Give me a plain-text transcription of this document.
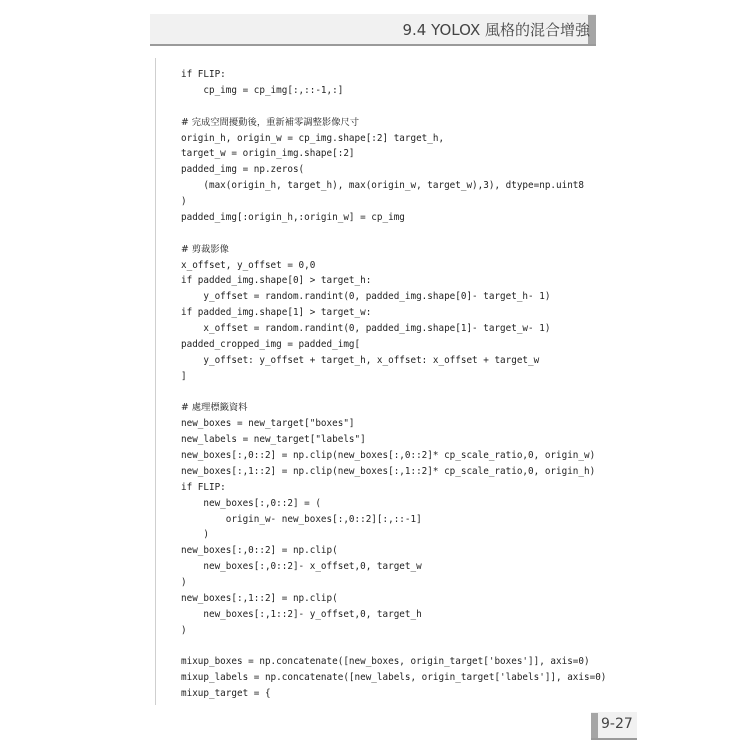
9.4 YOLOX 風格的混合增強
if FLIP:
cp_img = cp_img[:,::-1,:]
# 完成空間擾動後，重新補零調整影像尺寸
origin_h, origin_w = cp_img.shape[:2] target_h,
target_w = origin_img.shape[:2]
padded_img = np.zeros(
(max(origin_h, target_h), max(origin_w, target_w),3), dtype=np.uint8
)
padded_img[:origin_h,:origin_w] = cp_img
# 剪裁影像
x_offset, y_offset = 0,0
if padded_img.shape[0] > target_h:
y_offset = random.randint(0, padded_img.shape[0]- target_h- 1)
if padded_img.shape[1] > target_w:
x_offset = random.randint(0, padded_img.shape[1]- target_w- 1)
padded_cropped_img = padded_img[
y_offset: y_offset + target_h, x_offset: x_offset + target_w
]
# 處理標籤資料
new_boxes = new_target["boxes"]
new_labels = new_target["labels"]
new_boxes[:,0::2] = np.clip(new_boxes[:,0::2]* cp_scale_ratio,0, origin_w)
new_boxes[:,1::2] = np.clip(new_boxes[:,1::2]* cp_scale_ratio,0, origin_h)
if FLIP:
new_boxes[:,0::2] = (
origin_w- new_boxes[:,0::2][:,::-1]
)
new_boxes[:,0::2] = np.clip(
new_boxes[:,0::2]- x_offset,0, target_w
)
new_boxes[:,1::2] = np.clip(
new_boxes[:,1::2]- y_offset,0, target_h
)
mixup_boxes = np.concatenate([new_boxes, origin_target['boxes']], axis=0)
mixup_labels = np.concatenate([new_labels, origin_target['labels']], axis=0)
mixup_target = {
9-27
